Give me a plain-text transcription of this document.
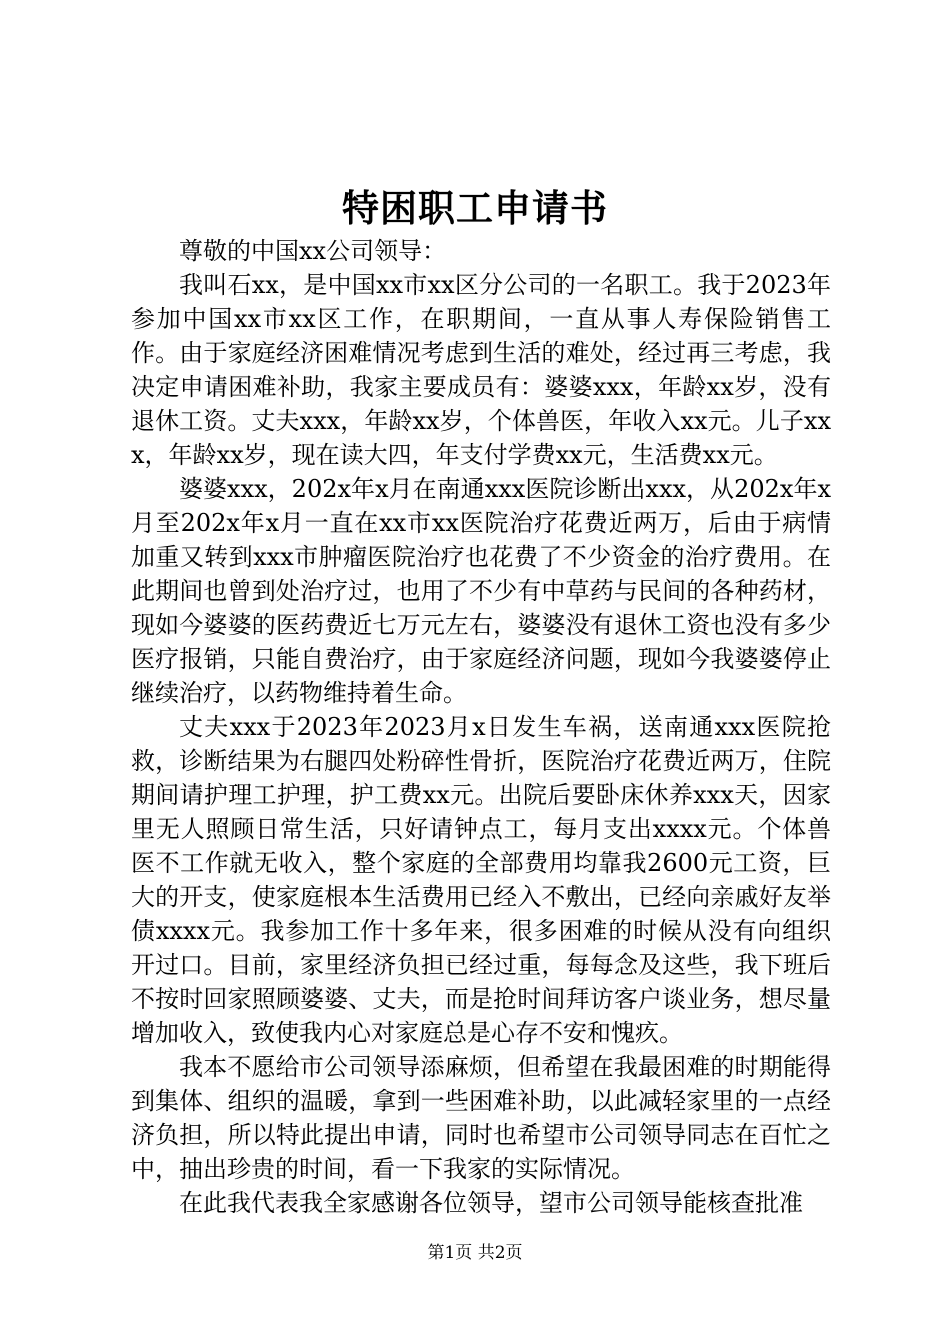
特困职工申请书

尊敬的中国xx公司领导：

我叫石xx，是中国xx市xx区分公司的一名职工。我于2023年参加中国xx市xx区工作，在职期间，一直从事人寿保险销售工作。由于家庭经济困难情况考虑到生活的难处，经过再三考虑，我决定申请困难补助，我家主要成员有：婆婆xxx，年龄xx岁，没有退休工资。丈夫xxx，年龄xx岁，个体兽医，年收入xx元。儿子xxx，年龄xx岁，现在读大四，年支付学费xx元，生活费xx元。

婆婆xxx，202x年x月在南通xxx医院诊断出xxx，从202x年x月至202x年x月一直在xx市xx医院治疗花费近两万，后由于病情加重又转到xxx市肿瘤医院治疗也花费了不少资金的治疗费用。在此期间也曾到处治疗过，也用了不少有中草药与民间的各种药材，现如今婆婆的医药费近七万元左右，婆婆没有退休工资也没有多少医疗报销，只能自费治疗，由于家庭经济问题，现如今我婆婆停止继续治疗，以药物维持着生命。

丈夫xxx于2023年2023月x日发生车祸，送南通xxx医院抢救，诊断结果为右腿四处粉碎性骨折，医院治疗花费近两万，住院期间请护理工护理，护工费xx元。出院后要卧床休养xxx天，因家里无人照顾日常生活，只好请钟点工，每月支出xxxx元。个体兽医不工作就无收入，整个家庭的全部费用均靠我2600元工资，巨大的开支，使家庭根本生活费用已经入不敷出，已经向亲戚好友举债xxxx元。我参加工作十多年来，很多困难的时候从没有向组织开过口。目前，家里经济负担已经过重，每每念及这些，我下班后不按时回家照顾婆婆、丈夫，而是抢时间拜访客户谈业务，想尽量增加收入，致使我内心对家庭总是心存不安和愧疚。

我本不愿给市公司领导添麻烦，但希望在我最困难的时期能得到集体、组织的温暖，拿到一些困难补助，以此减轻家里的一点经济负担，所以特此提出申请，同时也希望市公司领导同志在百忙之中，抽出珍贵的时间，看一下我家的实际情况。

在此我代表我全家感谢各位领导，望市公司领导能核查批准

第1页 共2页
